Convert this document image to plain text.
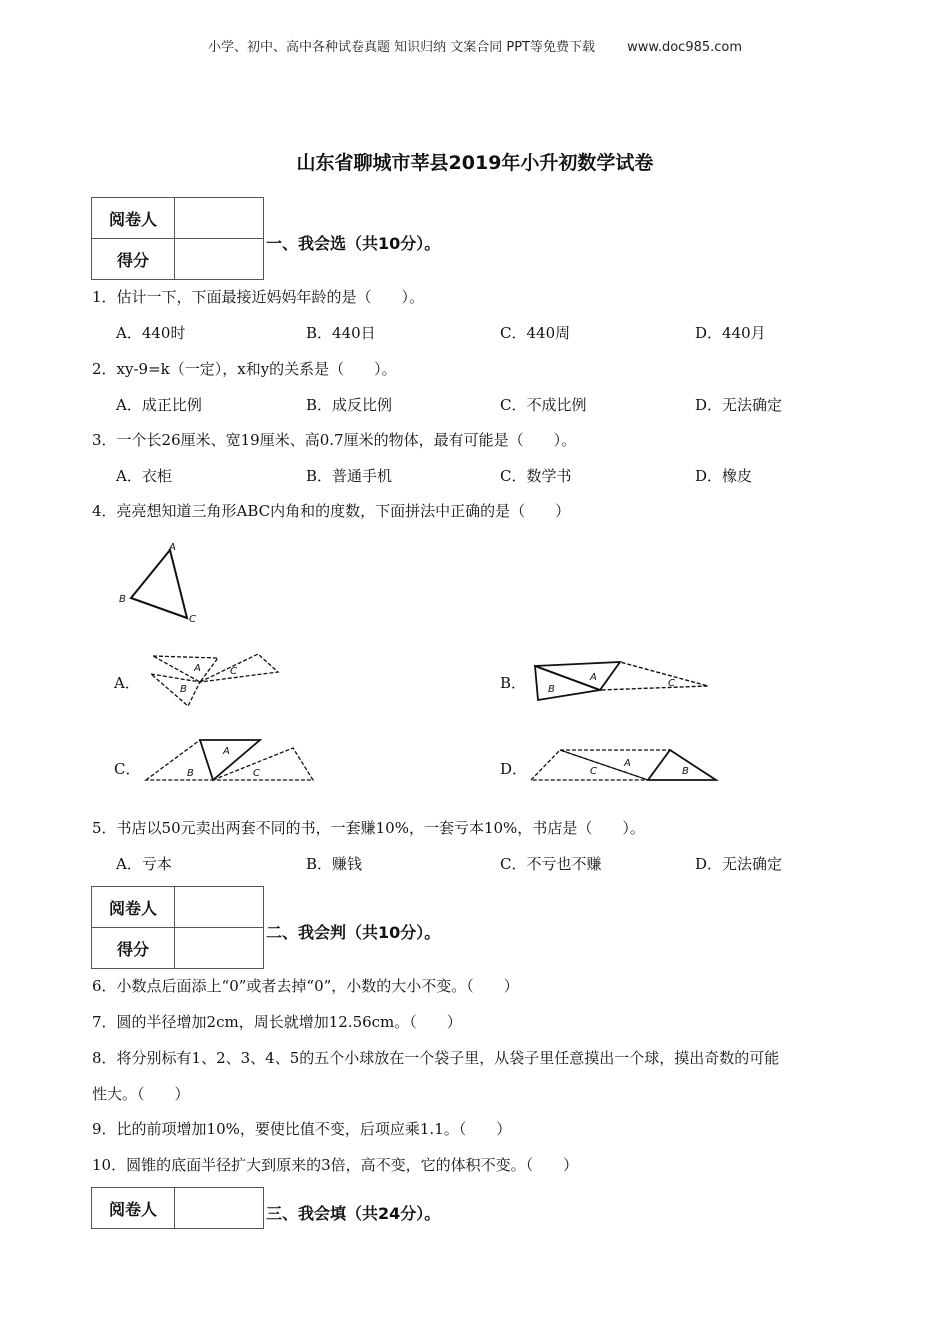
小学、初中、高中各种试卷真题 知识归纳 文案合同 PPT等免费下载 www.doc985.com
山东省聊城市莘县2019年小升初数学试卷
阅卷人	
得分	
一、我会选（共10分）。
1．估计一下，下面最接近妈妈年龄的是（　　）。
A．440时	B．440日	C．440周	D．440月
2．xy-9=k（一定），x和y的关系是（　　）。
A．成正比例	B．成反比例	C．不成比例	D．无法确定
3．一个长26厘米、宽19厘米、高0.7厘米的物体，最有可能是（　　）。
A．衣柜	B．普通手机	C．数学书	D．橡皮
4．亮亮想知道三角形ABC内角和的度数，下面拼法中正确的是（　　）
A
B
C
A．
A
B
C
B．	A
B
C
C．
A
B	C	D．	A
B
C
5．书店以50元卖出两套不同的书，一套赚10%，一套亏本10%，书店是（　　）。
A．亏本	B．赚钱	C．不亏也不赚	D．无法确定
阅卷人	
得分	
二、我会判（共10分）。
6．小数点后面添上“0”或者去掉“0”，小数的大小不变。（　　）
7．圆的半径增加2cm，周长就增加12.56cm。（　　）
8．将分别标有1、2、3、4、5的五个小球放在一个袋子里，从袋子里任意摸出一个球，摸出奇数的可能
性大。（　　）
9．比的前项增加10%，要使比值不变，后项应乘1.1。（　　）
10．圆锥的底面半径扩大到原来的3倍，高不变，它的体积不变。（　　）
阅卷人		三、我会填（共24分）。
